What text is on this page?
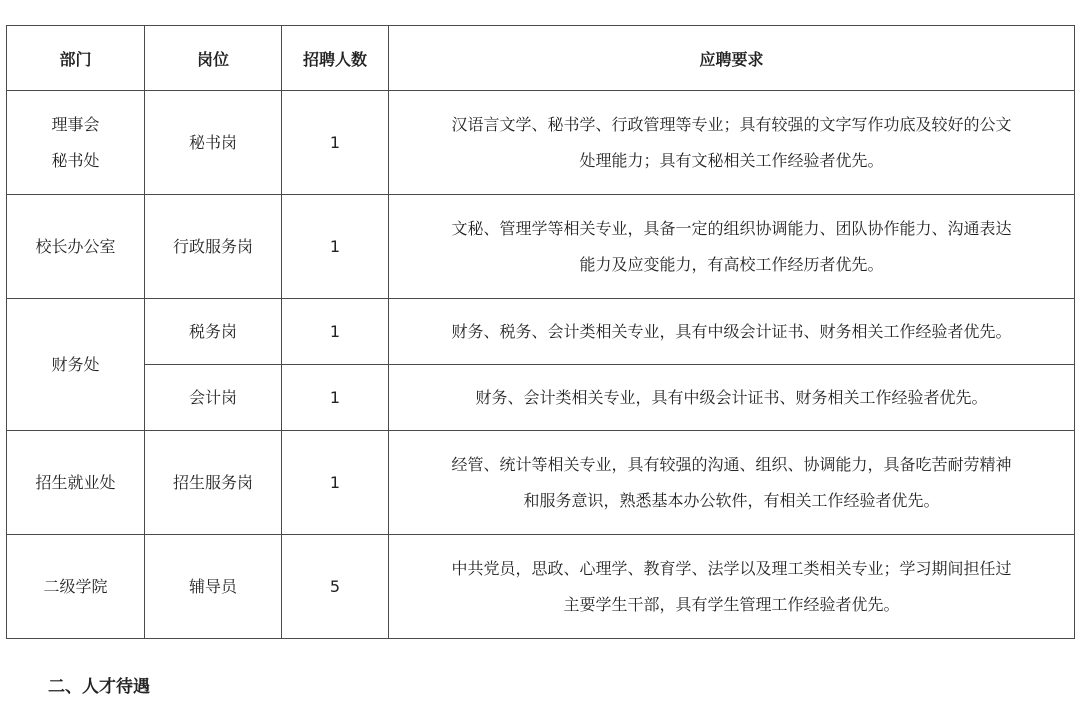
部门	岗位	招聘人数	应聘要求
理事会
秘书处	秘书岗	1	汉语言文学、秘书学、行政管理等专业；具有较强的文字写作功底及较好的公文
处理能力；具有文秘相关工作经验者优先。
校长办公室	行政服务岗	1	文秘、管理学等相关专业，具备一定的组织协调能力、团队协作能力、沟通表达
能力及应变能力，有高校工作经历者优先。
财务处	税务岗	1	财务、税务、会计类相关专业，具有中级会计证书、财务相关工作经验者优先。
	会计岗	1	财务、会计类相关专业，具有中级会计证书、财务相关工作经验者优先。
招生就业处	招生服务岗	1	经管、统计等相关专业，具有较强的沟通、组织、协调能力，具备吃苦耐劳精神
和服务意识，熟悉基本办公软件，有相关工作经验者优先。
二级学院	辅导员	5	中共党员，思政、心理学、教育学、法学以及理工类相关专业；学习期间担任过
主要学生干部，具有学生管理工作经验者优先。
二、人才待遇
